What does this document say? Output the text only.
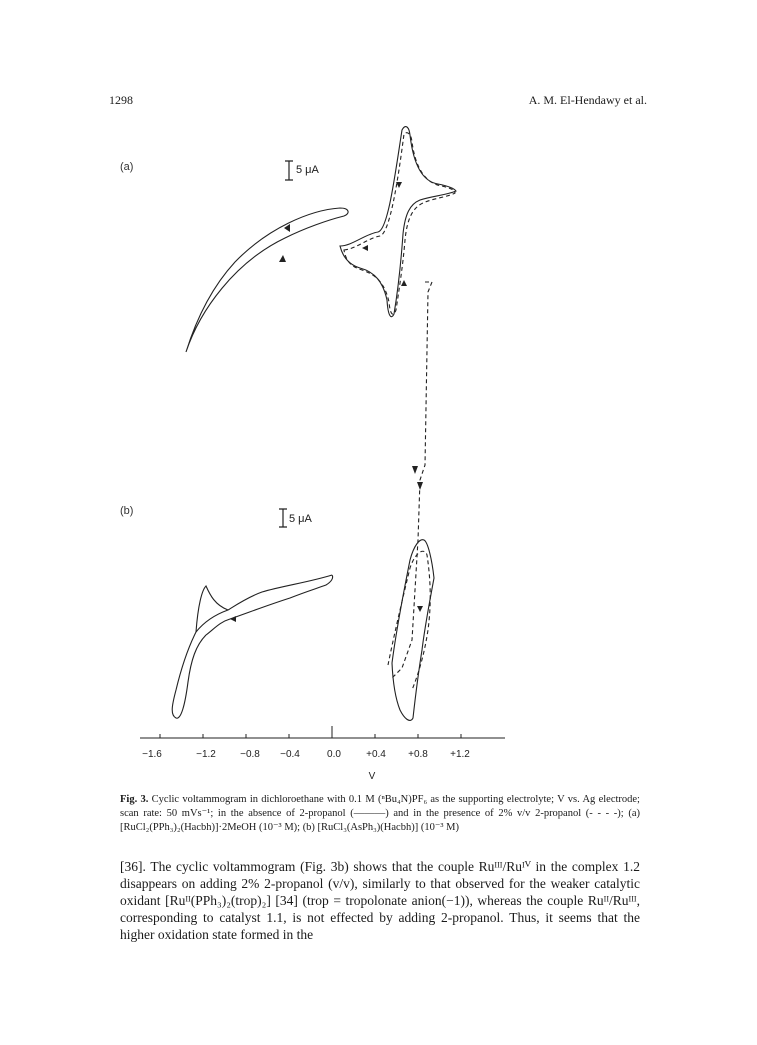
1298	A. M. El-Hendawy et al.
−1.6	−1.2 −0.8 −0.4	0.0	+0.4 +0.8 +1.2
V
(a)
(b)
5 μA
5 μA

Fig. 3. Cyclic voltammogram in dichloroethane with 0.1 M (ⁿBu₄N)PF₆ as the supporting electrolyte; V vs. Ag electrode; scan rate: 50 mVs⁻¹; in the absence of 2-propanol (———) and in the presence of 2% v/v 2-propanol (- - - -); (a) [RuCl₂(PPh₃)₂(Hacbh)]·2MeOH (10⁻³ M); (b) [RuCl₃(AsPh₃)(Hacbh)] (10⁻³ M)

[36]. The cyclic voltammogram (Fig. 3b) shows that the couple Ruᴵᴵᴵ/Ruᴵⱽ in the complex 1.2 disappears on adding 2% 2-propanol (v/v), similarly to that observed for the weaker catalytic oxidant [Ruᴵᴵ(PPh₃)₂(trop)₂] [34] (trop = tropolonate anion(−1)), whereas the couple Ruᴵᴵ/Ruᴵᴵᴵ, corresponding to catalyst 1.1, is not effected by adding 2-propanol. Thus, it seems that the higher oxidation state formed in the
